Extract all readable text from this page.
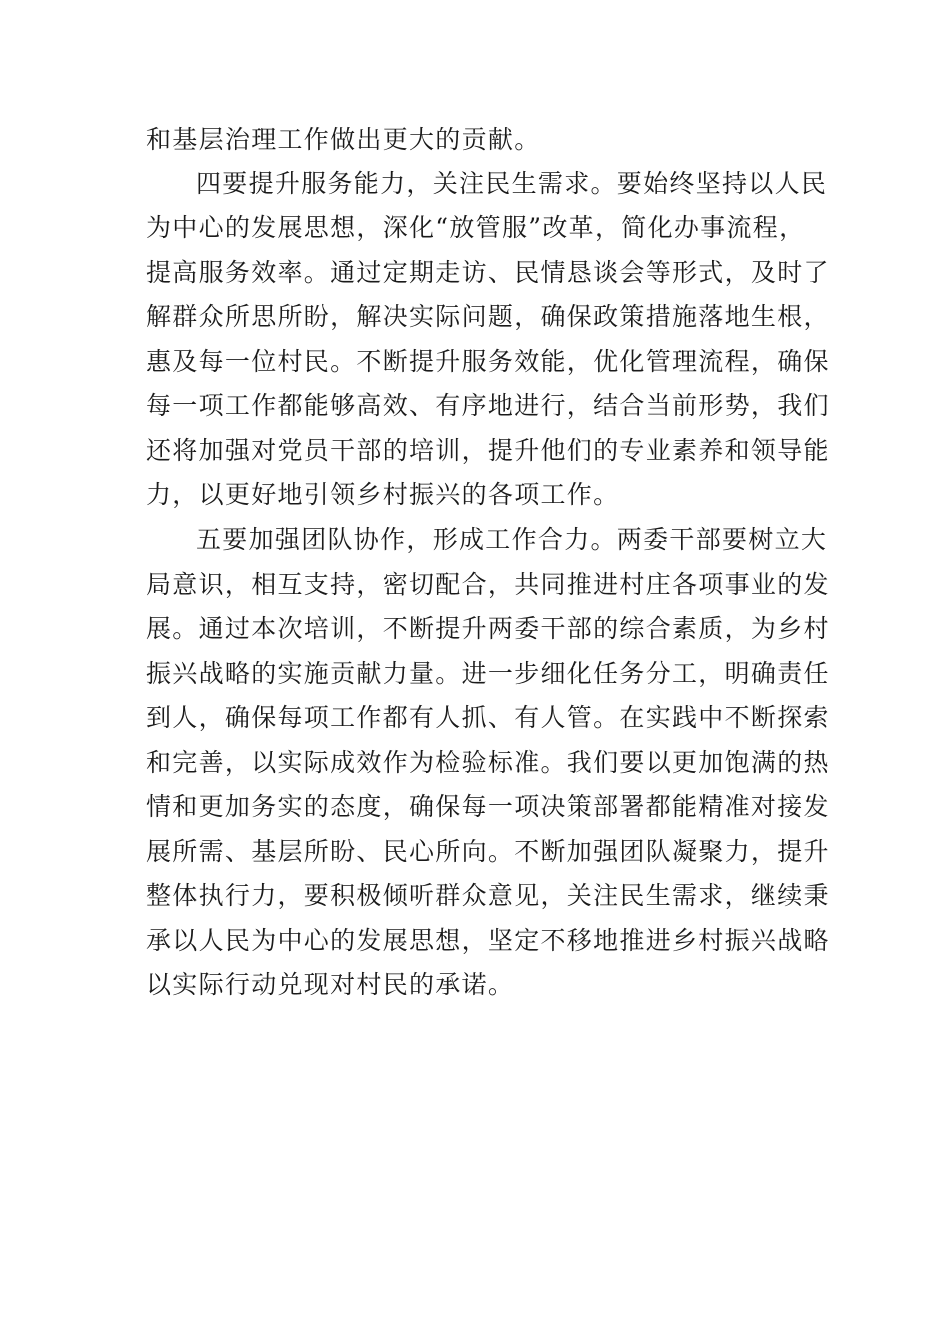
和基层治理工作做出更大的贡献。

四要提升服务能力，关注民生需求。要始终坚持以人民

为中心的发展思想，深化“放管服”改革，简化办事流程，

提高服务效率。通过定期走访、民情恳谈会等形式，及时了

解群众所思所盼，解决实际问题，确保政策措施落地生根，

惠及每一位村民。不断提升服务效能，优化管理流程，确保

每一项工作都能够高效、有序地进行，结合当前形势，我们

还将加强对党员干部的培训，提升他们的专业素养和领导能

力，以更好地引领乡村振兴的各项工作。

五要加强团队协作，形成工作合力。两委干部要树立大

局意识，相互支持，密切配合，共同推进村庄各项事业的发

展。通过本次培训，不断提升两委干部的综合素质，为乡村

振兴战略的实施贡献力量。进一步细化任务分工，明确责任

到人，确保每项工作都有人抓、有人管。在实践中不断探索

和完善，以实际成效作为检验标准。我们要以更加饱满的热

情和更加务实的态度，确保每一项决策部署都能精准对接发

展所需、基层所盼、民心所向。不断加强团队凝聚力，提升

整体执行力，要积极倾听群众意见，关注民生需求，继续秉

承以人民为中心的发展思想，坚定不移地推进乡村振兴战略

以实际行动兑现对村民的承诺。
